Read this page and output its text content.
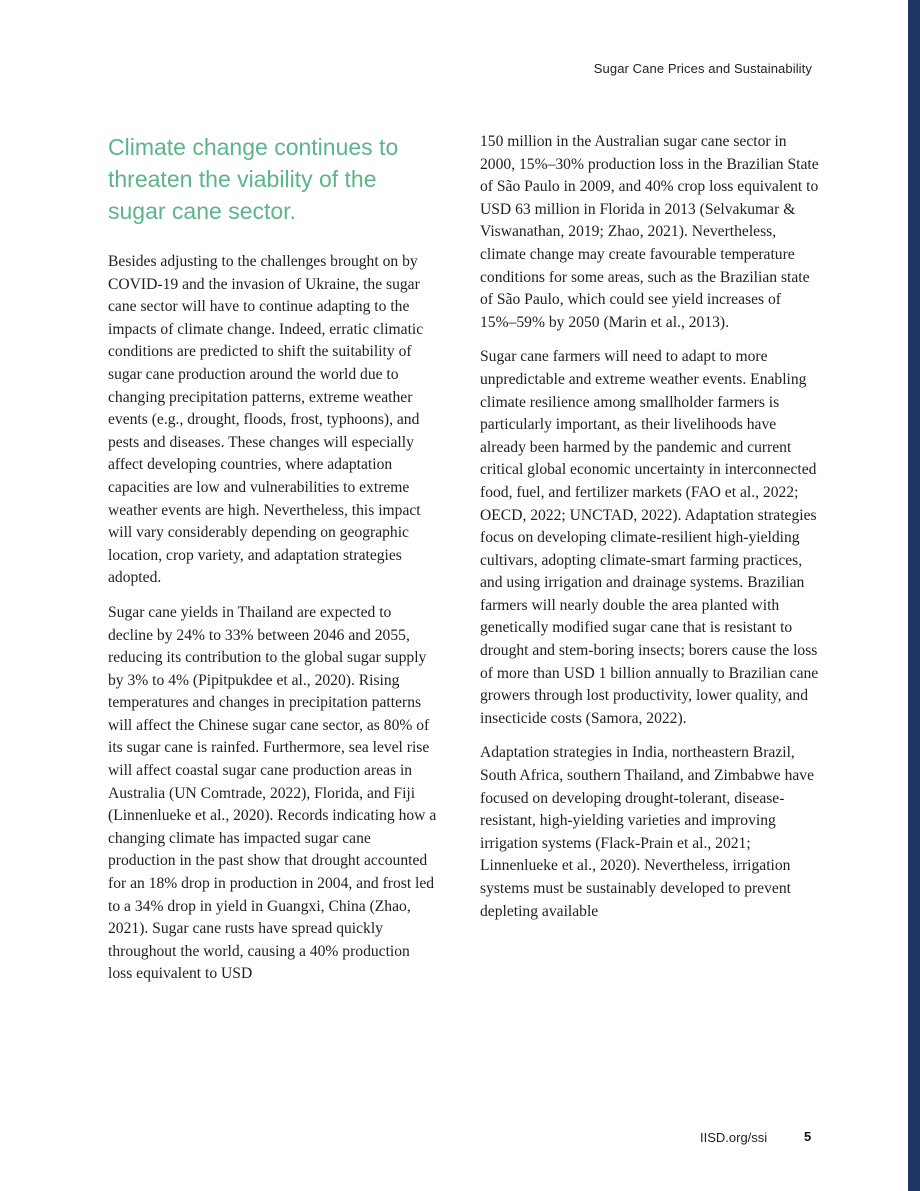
Sugar Cane Prices and Sustainability
Climate change continues to threaten the viability of the sugar cane sector.

Besides adjusting to the challenges brought on by COVID-19 and the invasion of Ukraine, the sugar cane sector will have to continue adapting to the impacts of climate change. Indeed, erratic climatic conditions are predicted to shift the suitability of sugar cane production around the world due to changing precipitation patterns, extreme weather events (e.g., drought, floods, frost, typhoons), and pests and diseases. These changes will especially affect developing countries, where adaptation capacities are low and vulnerabilities to extreme weather events are high. Nevertheless, this impact will vary considerably depending on geographic location, crop variety, and adaptation strategies adopted.

Sugar cane yields in Thailand are expected to decline by 24% to 33% between 2046 and 2055, reducing its contribution to the global sugar supply by 3% to 4% (Pipitpukdee et al., 2020). Rising temperatures and changes in precipitation patterns will affect the Chinese sugar cane sector, as 80% of its sugar cane is rainfed. Furthermore, sea level rise will affect coastal sugar cane production areas in Australia (UN Comtrade, 2022), Florida, and Fiji (Linnenlueke et al., 2020). Records indicating how a changing climate has impacted sugar cane production in the past show that drought accounted for an 18% drop in production in 2004, and frost led to a 34% drop in yield in Guangxi, China (Zhao, 2021). Sugar cane rusts have spread quickly throughout the world, causing a 40% production loss equivalent to USD

150 million in the Australian sugar cane sector in 2000, 15%–30% production loss in the Brazilian State of São Paulo in 2009, and 40% crop loss equivalent to USD 63 million in Florida in 2013 (Selvakumar & Viswanathan, 2019; Zhao, 2021). Nevertheless, climate change may create favourable temperature conditions for some areas, such as the Brazilian state of São Paulo, which could see yield increases of 15%–59% by 2050 (Marin et al., 2013).

Sugar cane farmers will need to adapt to more unpredictable and extreme weather events. Enabling climate resilience among smallholder farmers is particularly important, as their livelihoods have already been harmed by the pandemic and current critical global economic uncertainty in interconnected food, fuel, and fertilizer markets (FAO et al., 2022; OECD, 2022; UNCTAD, 2022). Adaptation strategies focus on developing climate-resilient high-yielding cultivars, adopting climate-smart farming practices, and using irrigation and drainage systems. Brazilian farmers will nearly double the area planted with genetically modified sugar cane that is resistant to drought and stem-boring insects; borers cause the loss of more than USD 1 billion annually to Brazilian cane growers through lost productivity, lower quality, and insecticide costs (Samora, 2022).

Adaptation strategies in India, northeastern Brazil, South Africa, southern Thailand, and Zimbabwe have focused on developing drought-tolerant, disease-resistant, high-yielding varieties and improving irrigation systems (Flack-Prain et al., 2021; Linnenlueke et al., 2020). Nevertheless, irrigation systems must be sustainably developed to prevent depleting available

IISD.org/ssi	5
